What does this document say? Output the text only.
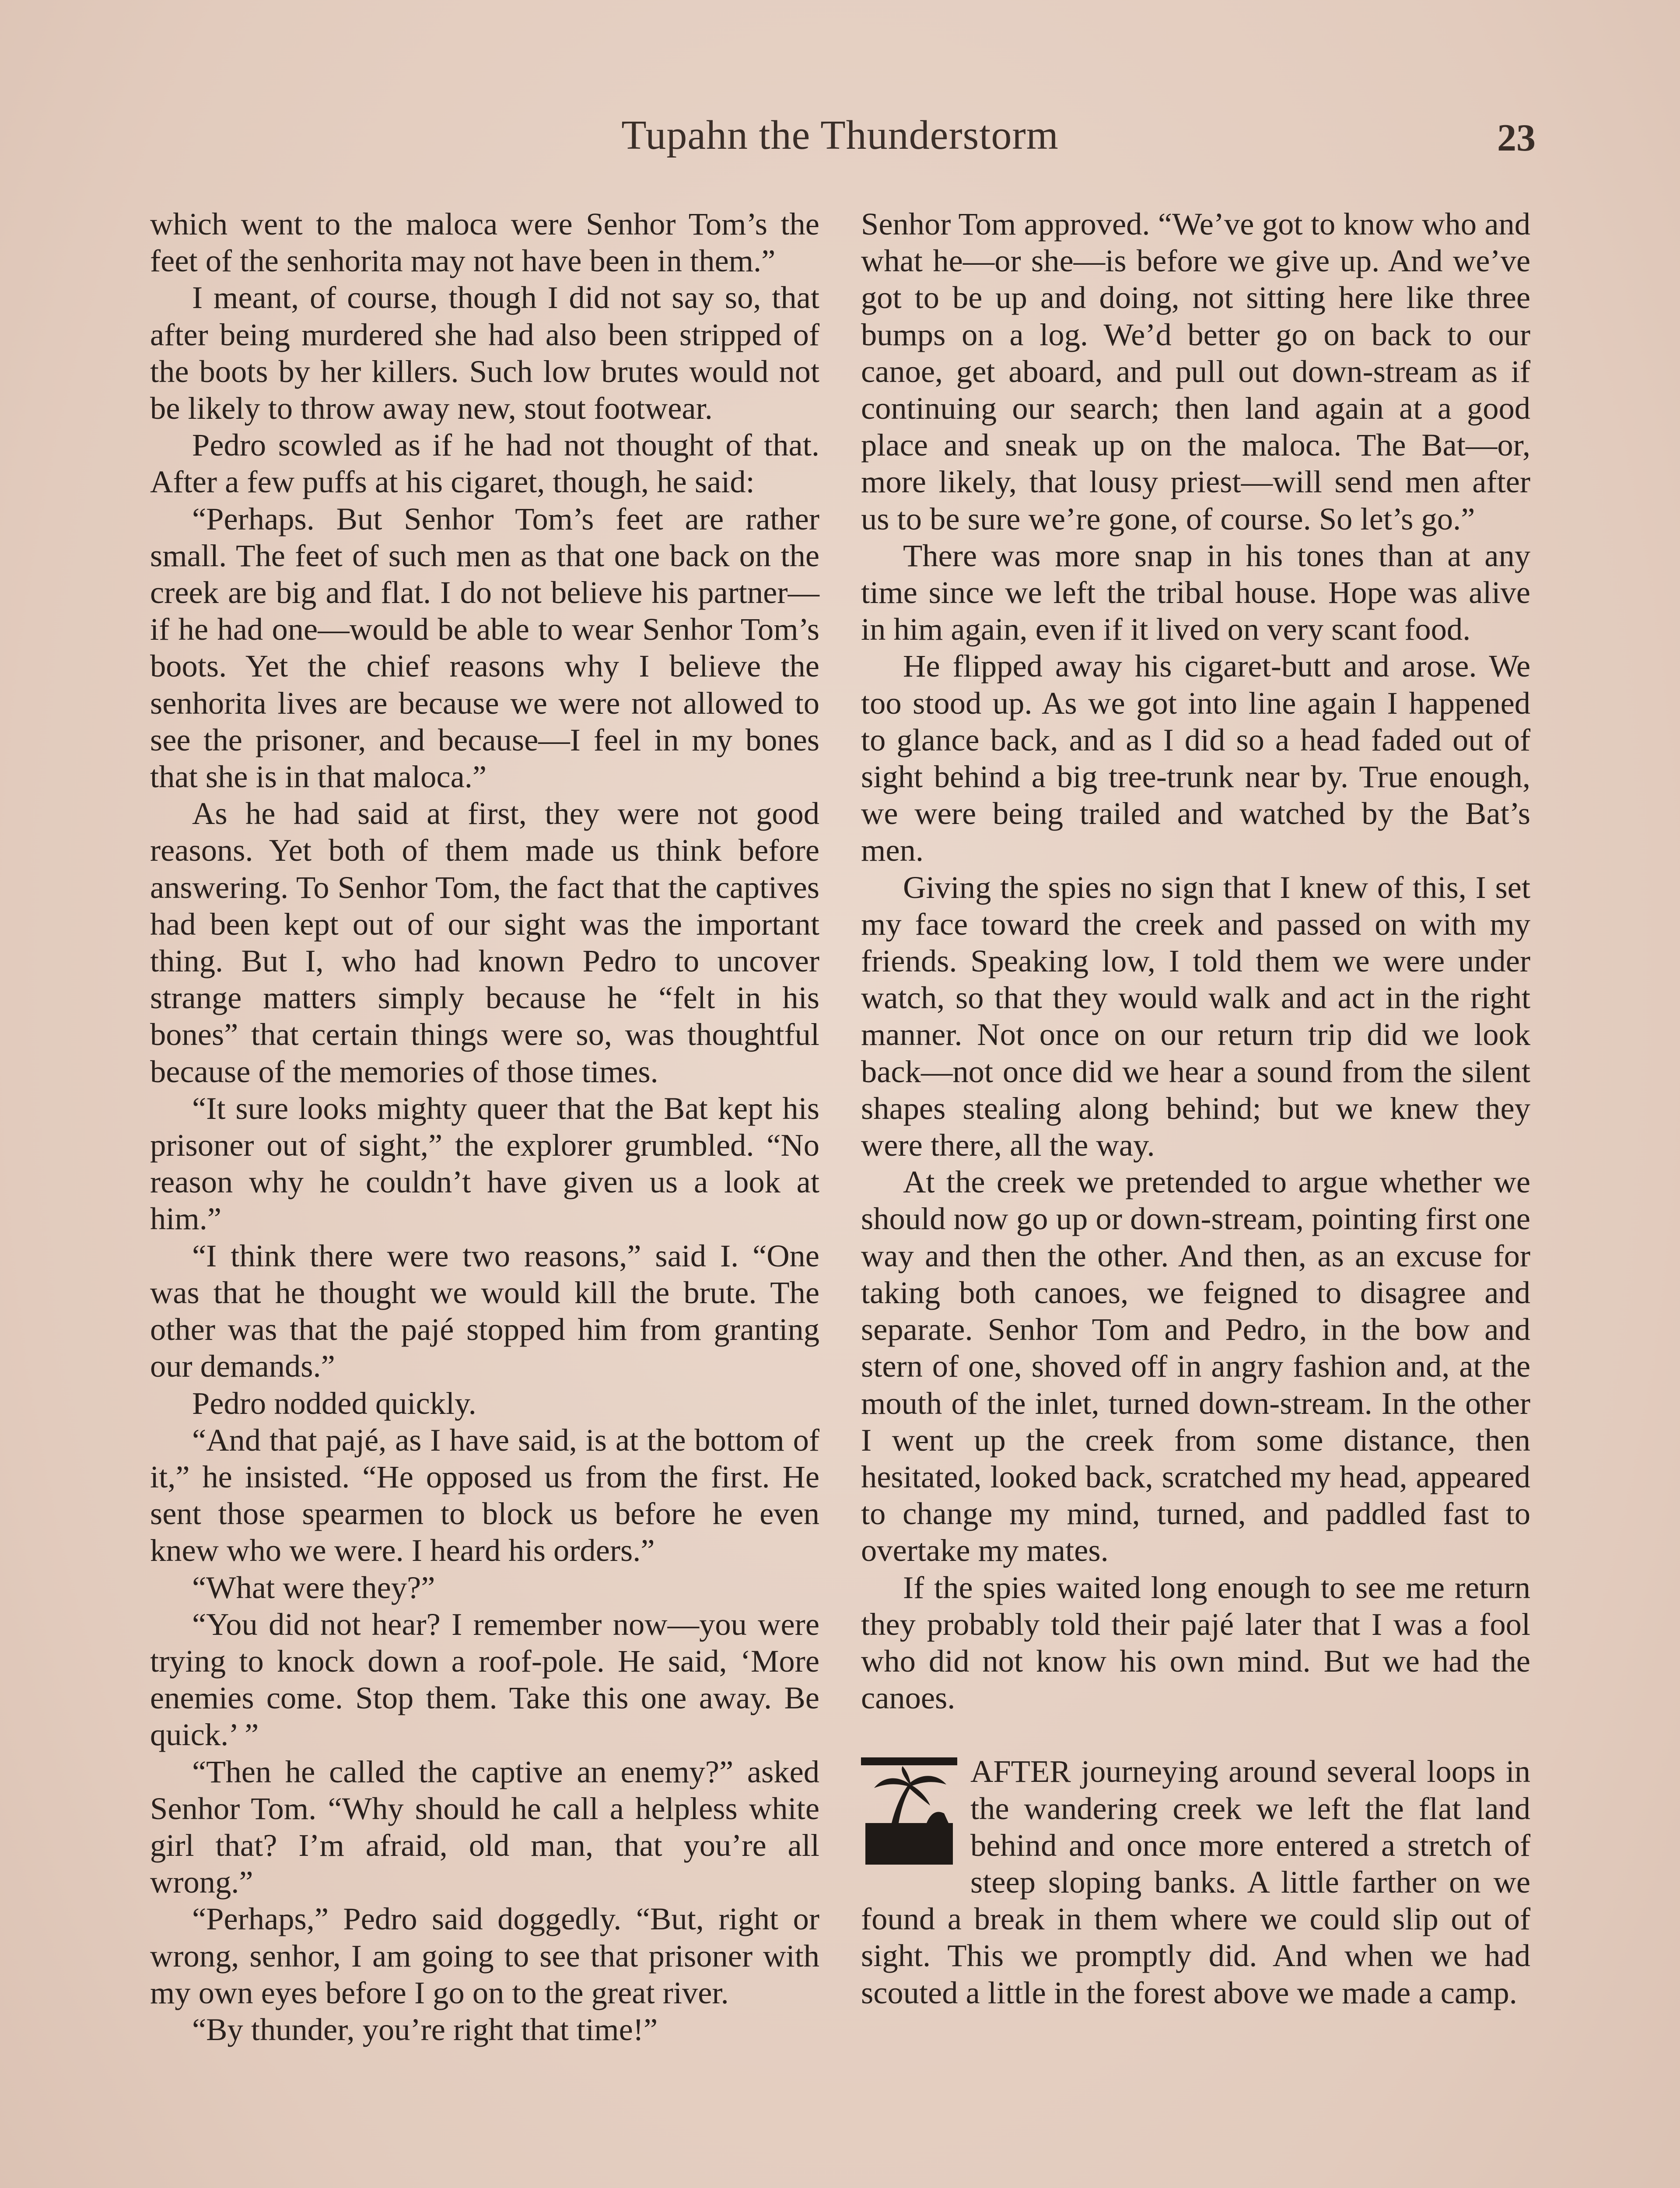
Tupahn the Thunderstorm	23

which went to the maloca were Senhor Tom’s the feet of the senhorita may not have been in them.”

I meant, of course, though I did not say so, that after being murdered she had also been stripped of the boots by her killers. Such low brutes would not be likely to throw away new, stout footwear.

Pedro scowled as if he had not thought of that. After a few puffs at his cigaret, though, he said:

“Perhaps. But Senhor Tom’s feet are rather small. The feet of such men as that one back on the creek are big and flat. I do not believe his partner—if he had one—would be able to wear Senhor Tom’s boots. Yet the chief reasons why I believe the senhorita lives are because we were not allowed to see the prisoner, and because—I feel in my bones that she is in that maloca.”

As he had said at first, they were not good reasons. Yet both of them made us think before answering. To Senhor Tom, the fact that the captives had been kept out of our sight was the important thing. But I, who had known Pedro to uncover strange matters simply because he “felt in his bones” that certain things were so, was thoughtful because of the memories of those times.

“It sure looks mighty queer that the Bat kept his prisoner out of sight,” the explorer grumbled. “No reason why he couldn’t have given us a look at him.”

“I think there were two reasons,” said I. “One was that he thought we would kill the brute. The other was that the pajé stopped him from granting our demands.”

Pedro nodded quickly.

“And that pajé, as I have said, is at the bottom of it,” he insisted. “He opposed us from the first. He sent those spearmen to block us before he even knew who we were. I heard his orders.”

“What were they?”

“You did not hear? I remember now—you were trying to knock down a roof-pole. He said, ‘More enemies come. Stop them. Take this one away. Be quick.’ ”

“Then he called the captive an enemy?” asked Senhor Tom. “Why should he call a helpless white girl that? I’m afraid, old man, that you’re all wrong.”

“Perhaps,” Pedro said doggedly. “But, right or wrong, senhor, I am going to see that prisoner with my own eyes before I go on to the great river.

“By thunder, you’re right that time!”

Senhor Tom approved. “We’ve got to know who and what he—or she—is before we give up. And we’ve got to be up and doing, not sitting here like three bumps on a log. We’d better go on back to our canoe, get aboard, and pull out down-stream as if continuing our search; then land again at a good place and sneak up on the maloca. The Bat—or, more likely, that lousy priest—will send men after us to be sure we’re gone, of course. So let’s go.”

There was more snap in his tones than at any time since we left the tribal house. Hope was alive in him again, even if it lived on very scant food.

He flipped away his cigaret-butt and arose. We too stood up. As we got into line again I happened to glance back, and as I did so a head faded out of sight behind a big tree-trunk near by. True enough, we were being trailed and watched by the Bat’s men.

Giving the spies no sign that I knew of this, I set my face toward the creek and passed on with my friends. Speaking low, I told them we were under watch, so that they would walk and act in the right manner. Not once on our return trip did we look back—not once did we hear a sound from the silent shapes stealing along behind; but we knew they were there, all the way.

At the creek we pretended to argue whether we should now go up or down-stream, pointing first one way and then the other. And then, as an excuse for taking both canoes, we feigned to disagree and separate. Senhor Tom and Pedro, in the bow and stern of one, shoved off in angry fashion and, at the mouth of the inlet, turned down-stream. In the other I went up the creek from some distance, then hesitated, looked back, scratched my head, appeared to change my mind, turned, and paddled fast to overtake my mates.

If the spies waited long enough to see me return they probably told their pajé later that I was a fool who did not know his own mind. But we had the canoes.

AFTER journeying around several loops in the wandering creek we left the flat land behind and once more entered a stretch of steep sloping banks. A little farther on we found a break in them where we could slip out of sight. This we promptly did. And when we had scouted a little in the forest above we made a camp.
